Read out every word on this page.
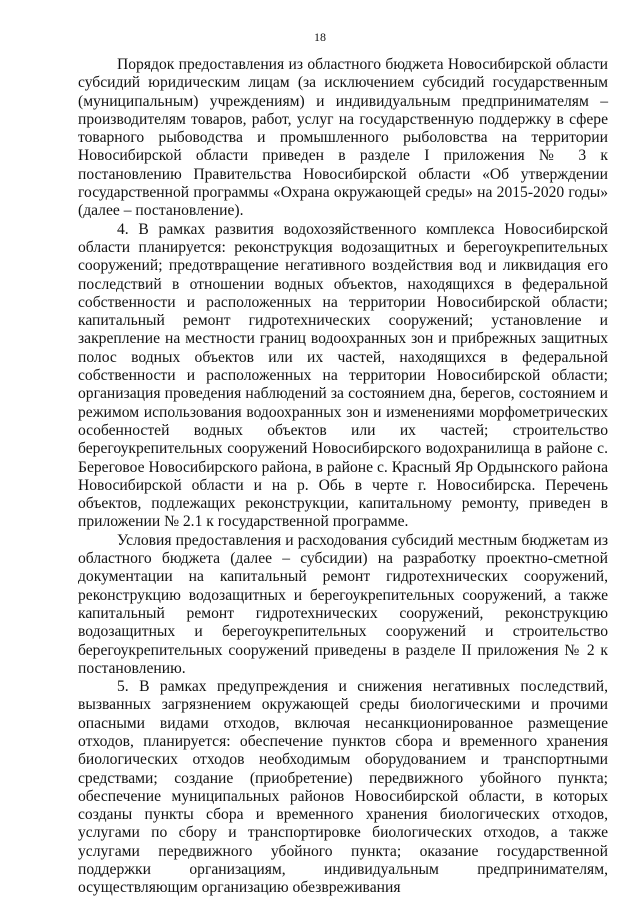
18

Порядок предоставления из областного бюджета Новосибирской области субсидий юридическим лицам (за исключением субсидий государственным (муниципальным) учреждениям) и индивидуальным предпринимателям – производителям товаров, работ, услуг на государственную поддержку в сфере товарного рыбоводства и промышленного рыболовства на территории Новосибирской области приведен в разделе I приложения № 3 к постановлению Правительства Новосибирской области «Об утверждении государственной программы «Охрана окружающей среды» на 2015-2020 годы» (далее – постановление).

4. В рамках развития водохозяйственного комплекса Новосибирской области планируется: реконструкция водозащитных и берегоукрепительных сооружений; предотвращение негативного воздействия вод и ликвидация его последствий в отношении водных объектов, находящихся в федеральной собственности и расположенных на территории Новосибирской области; капитальный ремонт гидротехнических сооружений; установление и закрепление на местности границ водоохранных зон и прибрежных защитных полос водных объектов или их частей, находящихся в федеральной собственности и расположенных на территории Новосибирской области; организация проведения наблюдений за состоянием дна, берегов, состоянием и режимом использования водоохранных зон и изменениями морфометрических особенностей водных объектов или их частей; строительство берегоукрепительных сооружений Новосибирского водохранилища в районе с. Береговое Новосибирского района, в районе с. Красный Яр Ордынского района Новосибирской области и на р. Обь в черте г. Новосибирска. Перечень объектов, подлежащих реконструкции, капитальному ремонту, приведен в приложении № 2.1 к государственной программе.

Условия предоставления и расходования субсидий местным бюджетам из областного бюджета (далее – субсидии) на разработку проектно-сметной документации на капитальный ремонт гидротехнических сооружений, реконструкцию водозащитных и берегоукрепительных сооружений, а также капитальный ремонт гидротехнических сооружений, реконструкцию водозащитных и берегоукрепительных сооружений и строительство берегоукрепительных сооружений приведены в разделе II приложения № 2 к постановлению.

5. В рамках предупреждения и снижения негативных последствий, вызванных загрязнением окружающей среды биологическими и прочими опасными видами отходов, включая несанкционированное размещение отходов, планируется: обеспечение пунктов сбора и временного хранения биологических отходов необходимым оборудованием и транспортными средствами; создание (приобретение) передвижного убойного пункта; обеспечение муниципальных районов Новосибирской области, в которых созданы пункты сбора и временного хранения биологических отходов, услугами по сбору и транспортировке биологических отходов, а также услугами передвижного убойного пункта; оказание государственной поддержки организациям, индивидуальным предпринимателям, осуществляющим организацию обезвреживания
